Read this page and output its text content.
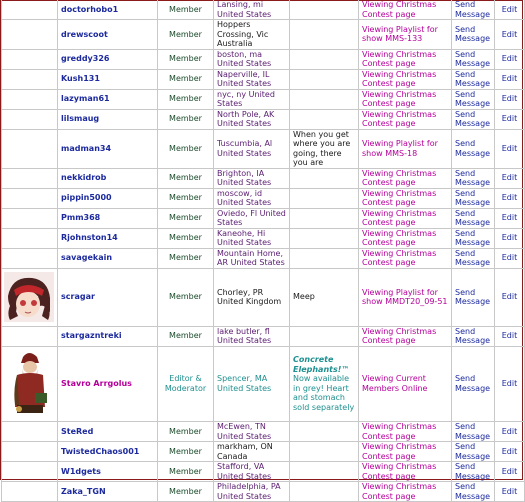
	doctorhobo1	Member	Lansing, mi United States		Viewing Christmas Contest page	Send Message	Edit
	drewscoot	Member	Hoppers Crossing, Vic Australia		Viewing Playlist for show MMS-133	Send Message	Edit
	greddy326	Member	boston, ma United States		Viewing Christmas Contest page	Send Message	Edit
	Kush131	Member	Naperville, IL United States		Viewing Christmas Contest page	Send Message	Edit
	lazyman61	Member	nyc, ny United States		Viewing Christmas Contest page	Send Message	Edit
	lilsmaug	Member	North Pole, AK United States		Viewing Christmas Contest page	Send Message	Edit
	madman34	Member	Tuscumbia, Al United States	When you get where you are going, there you are	Viewing Playlist for show MMS-18	Send Message	Edit
	nekkidrob	Member	Brighton, IA United States		Viewing Christmas Contest page	Send Message	Edit
	pippin5000	Member	moscow, id United States		Viewing Christmas Contest page	Send Message	Edit
	Pmm368	Member	Oviedo, Fl United States		Viewing Christmas Contest page	Send Message	Edit
	Rjohnston14	Member	Kaneohe, Hi United States		Viewing Christmas Contest page	Send Message	Edit
	savagekain	Member	Mountain Home, AR United States		Viewing Christmas Contest page	Send Message	Edit

	scragar	Member	Chorley, PR United Kingdom	Meep	Viewing Playlist for show MMDT20_09-51	Send Message	Edit
	stargazntreki	Member	lake butler, fl United States		Viewing Christmas Contest page	Send Message	Edit

	Stavro Arrgolus	Editor & Moderator	Spencer, MA United States	Concrete Elephants!™
Now available in grey! Heart and stomach sold separately	Viewing Current Members Online	Send Message	Edit
	SteRed	Member	McEwen, TN United States		Viewing Christmas Contest page	Send Message	Edit
	TwistedChaos001	Member	markham, ON Canada		Viewing Christmas Contest page	Send Message	Edit
	W1dgets	Member	Stafford, VA United States		Viewing Christmas Contest page	Send Message	Edit
	Zaka_TGN	Member	Philadelphia, PA United States		Viewing Christmas Contest page	Send Message	Edit
